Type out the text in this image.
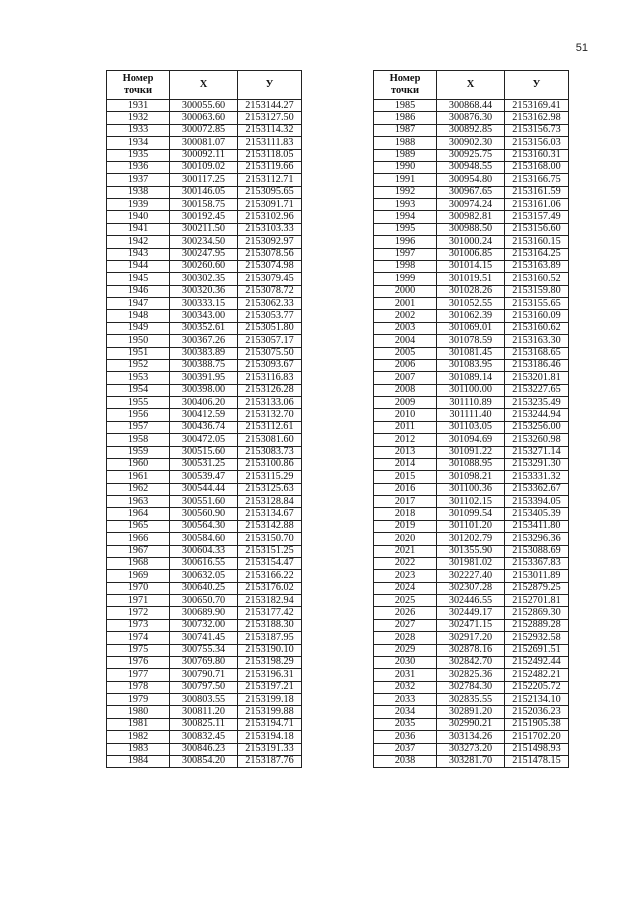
51
Номер
точки	Х	У
1931	300055.60	2153144.27
1932	300063.60	2153127.50
1933	300072.85	2153114.32
1934	300081.07	2153111.83
1935	300092.11	2153118.05
1936	300109.02	2153119.66
1937	300117.25	2153112.71
1938	300146.05	2153095.65
1939	300158.75	2153091.71
1940	300192.45	2153102.96
1941	300211.50	2153103.33
1942	300234.50	2153092.97
1943	300247.95	2153078.56
1944	300260.60	2153074.98
1945	300302.35	2153079.45
1946	300320.36	2153078.72
1947	300333.15	2153062.33
1948	300343.00	2153053.77
1949	300352.61	2153051.80
1950	300367.26	2153057.17
1951	300383.89	2153075.50
1952	300388.75	2153093.67
1953	300391.95	2153116.83
1954	300398.00	2153126.28
1955	300406.20	2153133.06
1956	300412.59	2153132.70
1957	300436.74	2153112.61
1958	300472.05	2153081.60
1959	300515.60	2153083.73
1960	300531.25	2153100.86
1961	300539.47	2153115.29
1962	300544.44	2153125.63
1963	300551.60	2153128.84
1964	300560.90	2153134.67
1965	300564.30	2153142.88
1966	300584.60	2153150.70
1967	300604.33	2153151.25
1968	300616.55	2153154.47
1969	300632.05	2153166.22
1970	300640.25	2153176.02
1971	300650.70	2153182.94
1972	300689.90	2153177.42
1973	300732.00	2153188.30
1974	300741.45	2153187.95
1975	300755.34	2153190.10
1976	300769.80	2153198.29
1977	300790.71	2153196.31
1978	300797.50	2153197.21
1979	300803.55	2153199.18
1980	300811.20	2153199.88
1981	300825.11	2153194.71
1982	300832.45	2153194.18
1983	300846.23	2153191.33
1984	300854.20	2153187.76
Номер
точки	Х	У
1985	300868.44	2153169.41
1986	300876.30	2153162.98
1987	300892.85	2153156.73
1988	300902.30	2153156.03
1989	300925.75	2153160.31
1990	300948.55	2153168.00
1991	300954.80	2153166.75
1992	300967.65	2153161.59
1993	300974.24	2153161.06
1994	300982.81	2153157.49
1995	300988.50	2153156.60
1996	301000.24	2153160.15
1997	301006.85	2153164.25
1998	301014.15	2153163.89
1999	301019.51	2153160.52
2000	301028.26	2153159.80
2001	301052.55	2153155.65
2002	301062.39	2153160.09
2003	301069.01	2153160.62
2004	301078.59	2153163.30
2005	301081.45	2153168.65
2006	301083.95	2153186.46
2007	301089.14	2153201.81
2008	301100.00	2153227.65
2009	301110.89	2153235.49
2010	301111.40	2153244.94
2011	301103.05	2153256.00
2012	301094.69	2153260.98
2013	301091.22	2153271.14
2014	301088.95	2153291.30
2015	301098.21	2153331.32
2016	301100.36	2153362.67
2017	301102.15	2153394.05
2018	301099.54	2153405.39
2019	301101.20	2153411.80
2020	301202.79	2153296.36
2021	301355.90	2153088.69
2022	301981.02	2153367.83
2023	302227.40	2153011.89
2024	302307.28	2152879.25
2025	302446.55	2152701.81
2026	302449.17	2152869.30
2027	302471.15	2152889.28
2028	302917.20	2152932.58
2029	302878.16	2152691.51
2030	302842.70	2152492.44
2031	302825.36	2152482.21
2032	302784.30	2152205.72
2033	302835.55	2152134.10
2034	302891.20	2152036.23
2035	302990.21	2151905.38
2036	303134.26	2151702.20
2037	303273.20	2151498.93
2038	303281.70	2151478.15
